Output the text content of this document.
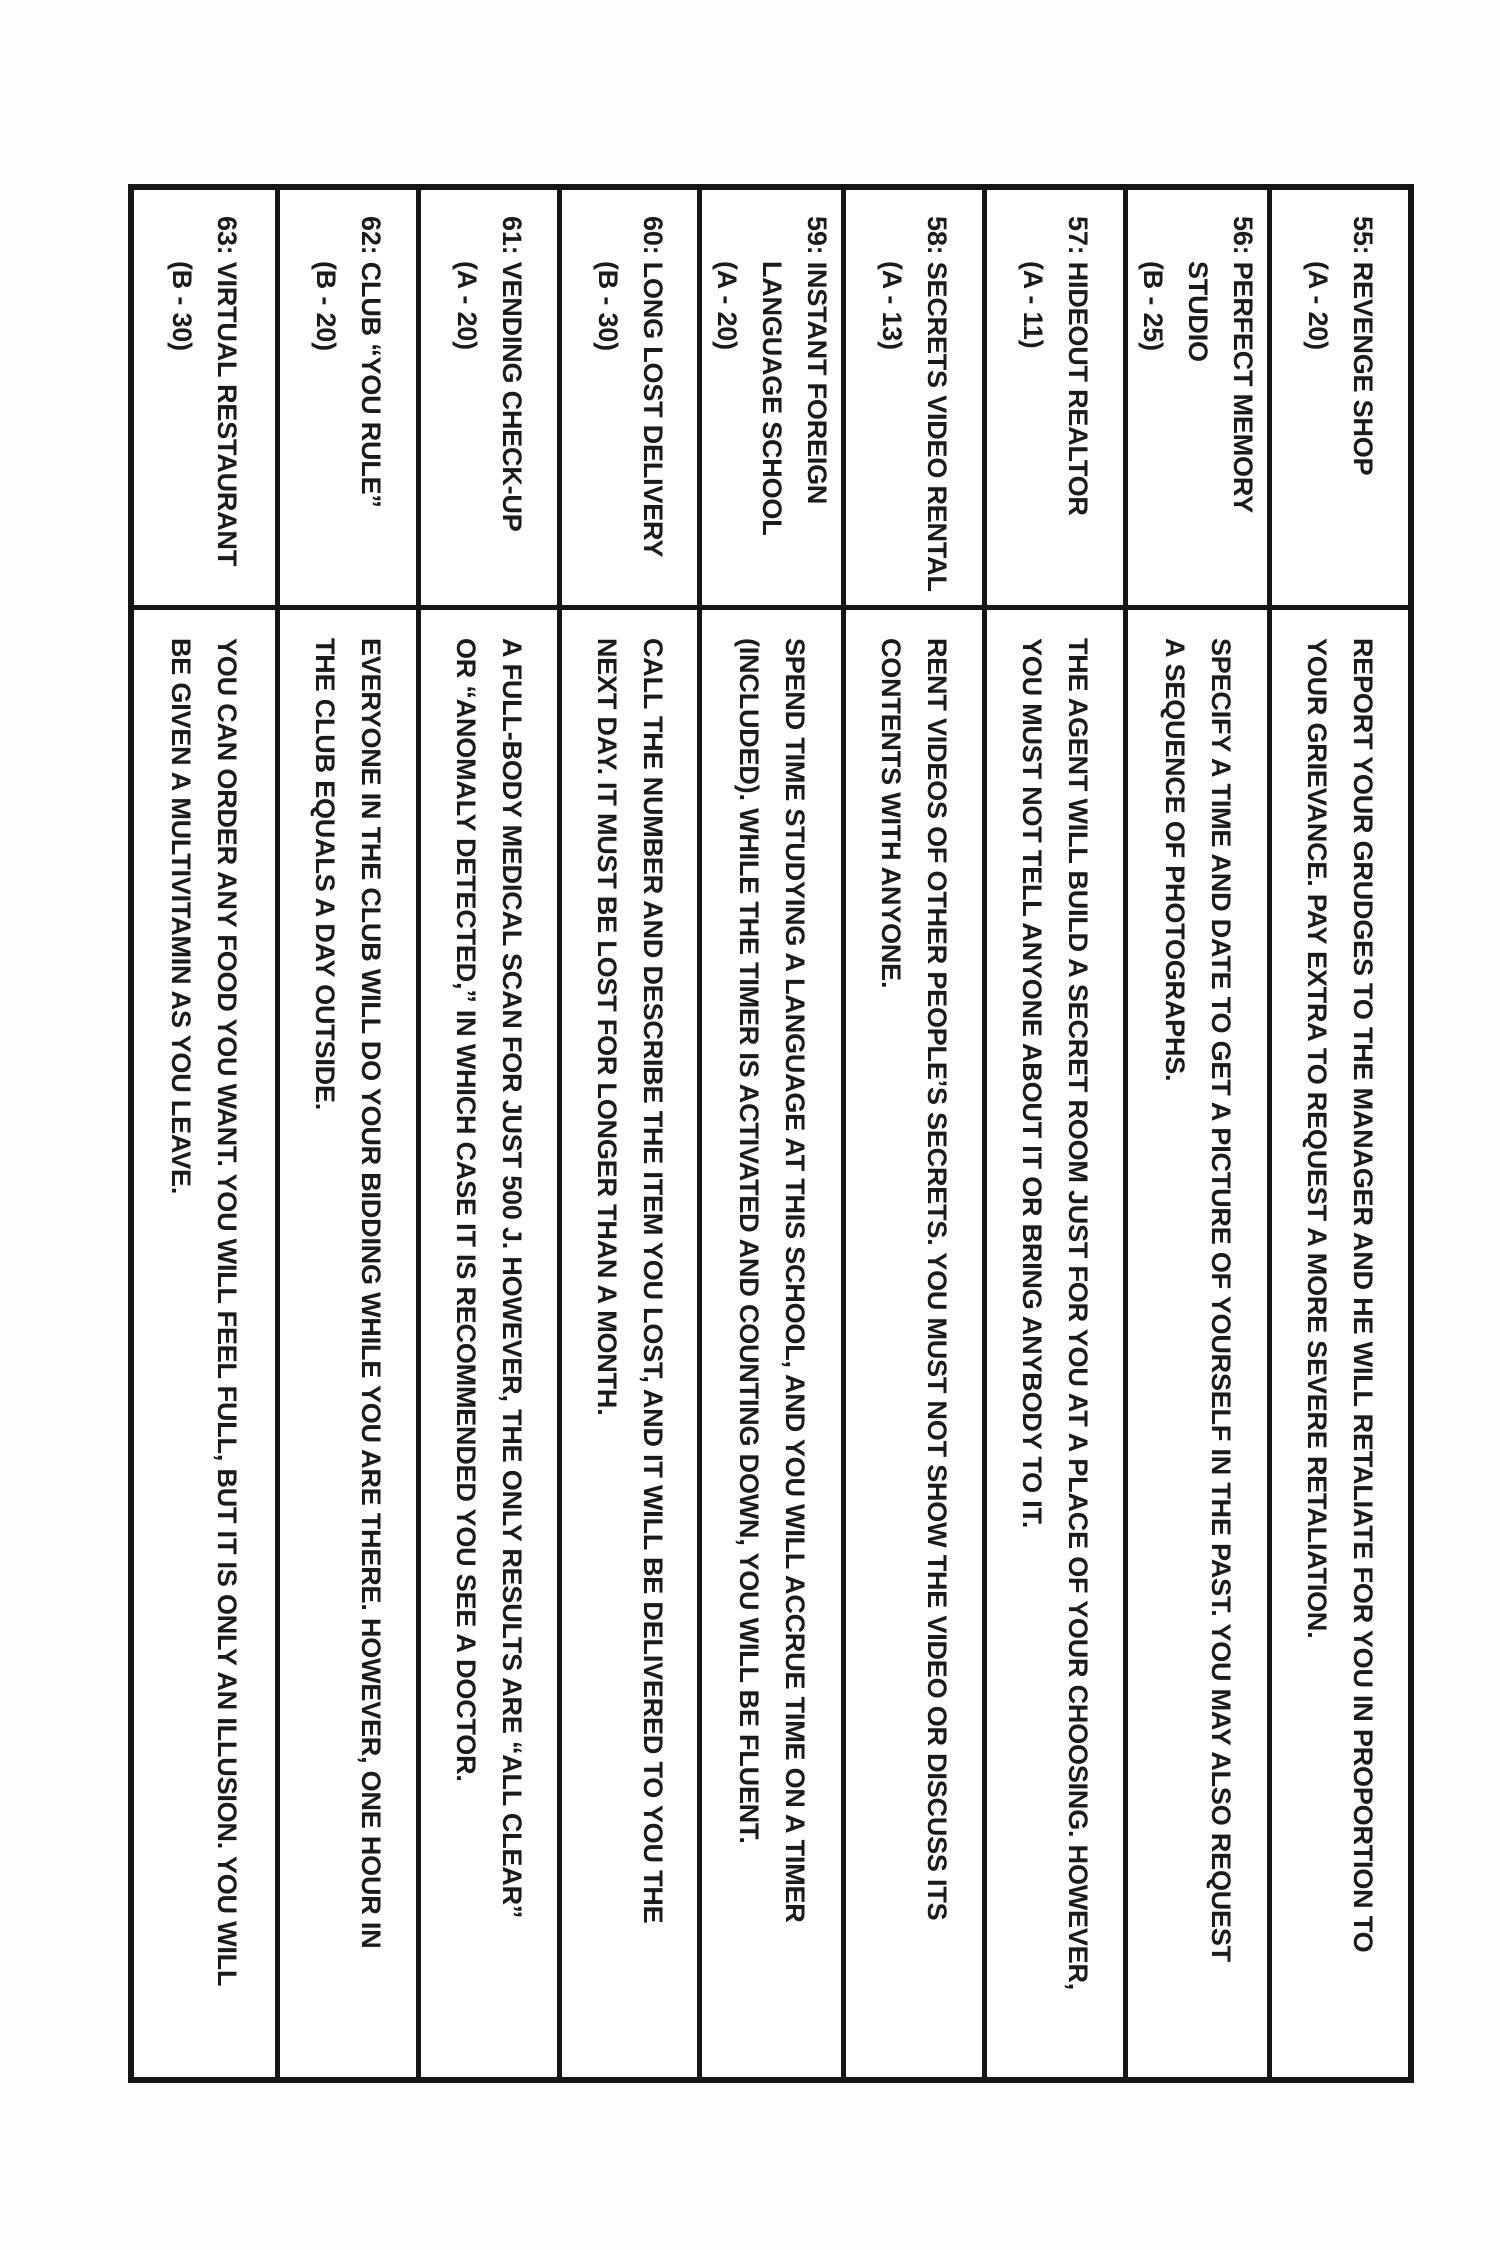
55: REVENGE SHOP
(A - 20)
REPORT YOUR GRUDGES TO THE MANAGER AND HE WILL RETALIATE FOR YOU IN PROPORTION TO
YOUR GRIEVANCE. PAY EXTRA TO REQUEST A MORE SEVERE RETALIATION.
56: PERFECT MEMORY
STUDIO
(B - 25)
SPECIFY A TIME AND DATE TO GET A PICTURE OF YOURSELF IN THE PAST. YOU MAY ALSO REQUEST
A SEQUENCE OF PHOTOGRAPHS.
57: HIDEOUT REALTOR
(A - 11)
THE AGENT WILL BUILD A SECRET ROOM JUST FOR YOU AT A PLACE OF YOUR CHOOSING. HOWEVER,
YOU MUST NOT TELL ANYONE ABOUT IT OR BRING ANYBODY TO IT.
58: SECRETS VIDEO RENTAL
(A - 13)
RENT VIDEOS OF OTHER PEOPLE’S SECRETS. YOU MUST NOT SHOW THE VIDEO OR DISCUSS ITS
CONTENTS WITH ANYONE.
59: INSTANT FOREIGN
LANGUAGE SCHOOL
(A - 20)
SPEND TIME STUDYING A LANGUAGE AT THIS SCHOOL, AND YOU WILL ACCRUE TIME ON A TIMER
(INCLUDED). WHILE THE TIMER IS ACTIVATED AND COUNTING DOWN, YOU WILL BE FLUENT.
60: LONG LOST DELIVERY
(B - 30)
CALL THE NUMBER AND DESCRIBE THE ITEM YOU LOST, AND IT WILL BE DELIVERED TO YOU THE
NEXT DAY. IT MUST BE LOST FOR LONGER THAN A MONTH.
61: VENDING CHECK-UP
(A - 20)
A FULL-BODY MEDICAL SCAN FOR JUST 500 J. HOWEVER, THE ONLY RESULTS ARE “ALL CLEAR”
OR “ANOMALY DETECTED,” IN WHICH CASE IT IS RECOMMENDED YOU SEE A DOCTOR.
62: CLUB “YOU RULE”
(B - 20)
EVERYONE IN THE CLUB WILL DO YOUR BIDDING WHILE YOU ARE THERE. HOWEVER, ONE HOUR IN
THE CLUB EQUALS A DAY OUTSIDE.
63: VIRTUAL RESTAURANT
(B - 30)
YOU CAN ORDER ANY FOOD YOU WANT. YOU WILL FEEL FULL, BUT IT IS ONLY AN ILLUSION. YOU WILL
BE GIVEN A MULTIVITAMIN AS YOU LEAVE.
